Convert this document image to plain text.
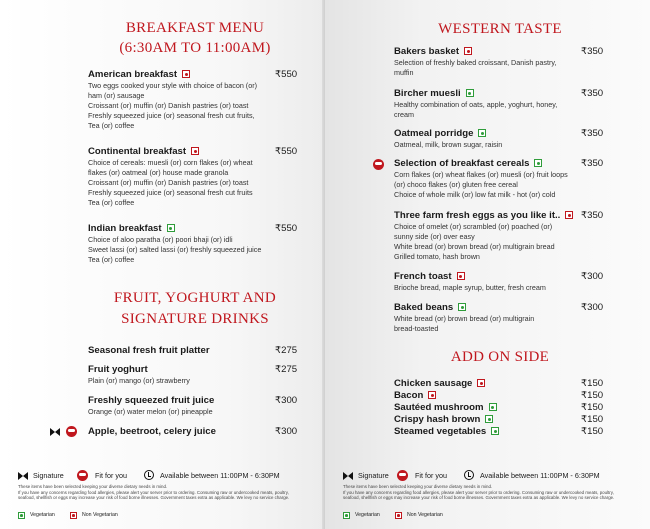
BREAKFAST MENU
(6:30AM TO 11:00AM)
American breakfast	₹550
Two eggs cooked your style with choice of bacon (or)
ham (or) sausage
Croissant (or) muffin (or) Danish pastries (or) toast
Freshly squeezed juice (or) seasonal fresh cut fruits,
Tea (or) coffee
Continental breakfast	₹550
Choice of cereals: muesli (or) corn flakes (or) wheat
flakes (or) oatmeal (or) house made granola
Croissant (or) muffin (or) Danish pastries (or) toast
Freshly squeezed juice (or) seasonal fresh cut fruits
Tea (or) coffee
Indian breakfast	₹550
Choice of aloo paratha (or) poori bhaji (or) idli
Sweet lassi (or) salted lassi (or) freshly squeezed juice
Tea (or) coffee
FRUIT, YOGHURT AND
SIGNATURE DRINKS
Seasonal fresh fruit platter	₹275
Fruit yoghurt	₹275
Plain (or) mango (or) strawberry
Freshly squeezed fruit juice	₹300
Orange (or) water melon (or) pineapple
Apple, beetroot, celery juice	₹300
Signature	Fit for you	Available between 11:00PM - 6:30PM
These items have been selected keeping your diverse dietary needs in mind.
If you have any concerns regarding food allergies, please alert your server prior to ordering. Consuming raw or undercooked meats, poultry,
seafood, shellfish or eggs may increase your risk of food borne illnesses. Government taxes extra as applicable. We levy no service charge.
Vegetarian	Non Vegetarian
WESTERN TASTE
Bakers basket	₹350
Selection of freshly baked croissant, Danish pastry,
muffin
Bircher muesli	₹350
Healthy combination of oats, apple, yoghurt, honey,
cream
Oatmeal porridge	₹350
Oatmeal, milk, brown sugar, raisin
Selection of breakfast cereals	₹350
Corn flakes (or) wheat flakes (or) muesli (or) fruit loops
(or) choco flakes (or) gluten free cereal
Choice of whole milk (or) low fat milk - hot (or) cold
Three farm fresh eggs as you like it..	₹350
Choice of omelet (or) scrambled (or) poached (or)
sunny side (or) over easy
White bread (or) brown bread (or) multigrain bread
Grilled tomato, hash brown
French toast	₹300
Brioche bread, maple syrup, butter, fresh cream
Baked beans	₹300
White bread (or) brown bread (or) multigrain
bread-toasted
ADD ON SIDE
Chicken sausage	₹150
Bacon	₹150
Sautéed mushroom	₹150
Crispy hash brown	₹150
Steamed vegetables	₹150
Signature	Fit for you	Available between 11:00PM - 6:30PM
These items have been selected keeping your diverse dietary needs in mind.
If you have any concerns regarding food allergies, please alert your server prior to ordering. Consuming raw or undercooked meats, poultry,
seafood, shellfish or eggs may increase your risk of food borne illnesses. Government taxes extra as applicable. We levy no service charge.
Vegetarian	Non Vegetarian
